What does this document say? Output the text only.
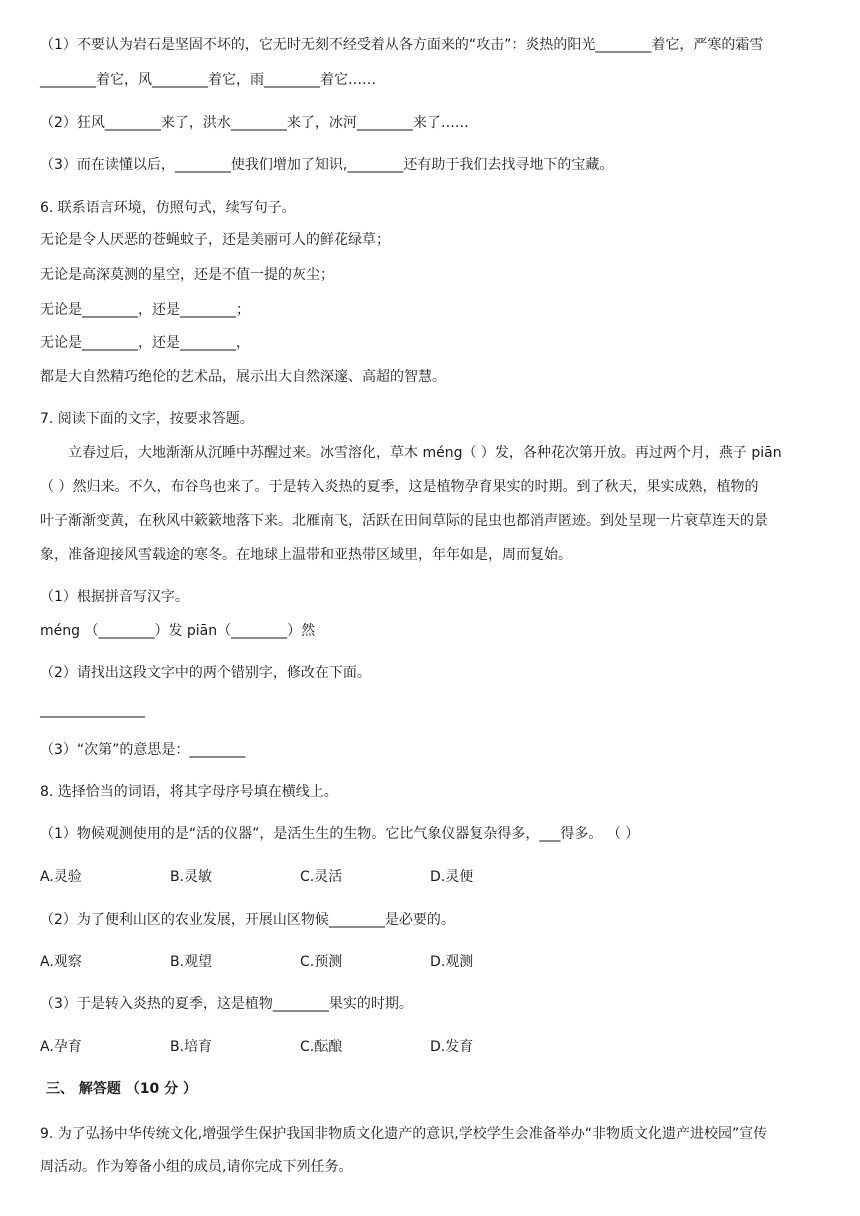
（1）不要认为岩石是坚固不坏的，它无时无刻不经受着从各方面来的“攻击”：炎热的阳光________着它，严寒的霜雪
________着它，风________着它，雨________着它……
（2）狂风________来了，洪水________来了，冰河________来了……
（3）而在读懂以后，________使我们增加了知识,________还有助于我们去找寻地下的宝藏。
6. 联系语言环境，仿照句式，续写句子。
无论是令人厌恶的苍蝇蚊子，还是美丽可人的鲜花绿草；
无论是高深莫测的星空，还是不值一提的灰尘；
无论是________，还是________；
无论是________，还是________，
都是大自然精巧绝伦的艺术品，展示出大自然深邃、高超的智慧。
7. 阅读下面的文字，按要求答题。
立春过后，大地渐渐从沉睡中苏醒过来。冰雪溶化，草木 méng（ ）发，各种花次第开放。再过两个月，燕子 piān
（ ）然归来。不久，布谷鸟也来了。于是转入炎热的夏季，这是植物孕育果实的时期。到了秋天，果实成熟，植物的
叶子渐渐变黄，在秋风中簌簌地落下来。北雁南飞，活跃在田间草际的昆虫也都消声匿迹。到处呈现一片衰草连天的景
象，准备迎接风雪载途的寒冬。在地球上温带和亚热带区域里，年年如是，周而复始。
（1）根据拼音写汉字。
méng （________）发 piān（________）然
（2）请找出这段文字中的两个错别字，修改在下面。
_______________
（3）“次第”的意思是：________
8. 选择恰当的词语，将其字母序号填在横线上。
（1）物候观测使用的是“活的仪器”，是活生生的生物。它比气象仪器复杂得多，___得多。 （ ）
A.灵验	B.灵敏	C.灵活	D.灵便
（2）为了便利山区的农业发展，开展山区物候________是必要的。
A.观察	B.观望	C.预测	D.观测
（3）于是转入炎热的夏季，这是植物________果实的时期。
A.孕育	B.培育	C.酝酿	D.发育
三、 解答题 （10 分 ）
9. 为了弘扬中华传统文化,增强学生保护我国非物质文化遗产的意识,学校学生会准备举办“非物质文化遗产进校园”宣传
周活动。作为筹备小组的成员,请你完成下列任务。
